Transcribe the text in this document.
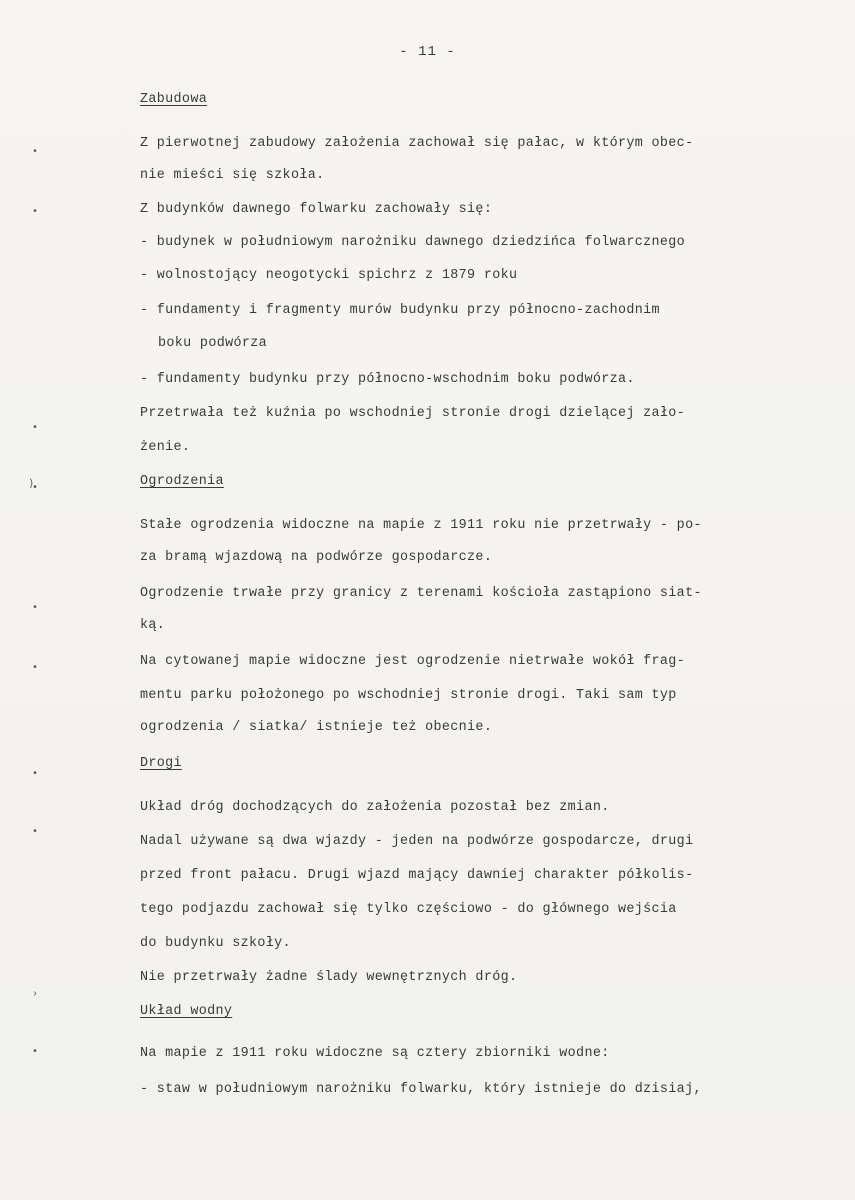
- 11 -
•
•
•
•
)
•
•
•
•
›
•
Zabudowa
Z pierwotnej zabudowy założenia zachował się pałac, w którym obec-
nie mieści się szkoła.
Z budynków dawnego folwarku zachowały się:
- budynek w południowym narożniku dawnego dziedzińca folwarcznego
- wolnostojący neogotycki spichrz z 1879 roku
- fundamenty i fragmenty murów budynku przy północno-zachodnim
boku podwórza
- fundamenty budynku przy północno-wschodnim boku podwórza.
Przetrwała też kuźnia po wschodniej stronie drogi dzielącej zało-
żenie.
Ogrodzenia
Stałe ogrodzenia widoczne na mapie z 1911 roku nie przetrwały - po-
za bramą wjazdową na podwórze gospodarcze.
Ogrodzenie trwałe przy granicy z terenami kościoła zastąpiono siat-
ką.
Na cytowanej mapie widoczne jest ogrodzenie nietrwałe wokół frag-
mentu parku położonego po wschodniej stronie drogi. Taki sam typ
ogrodzenia / siatka/ istnieje też obecnie.
Drogi
Układ dróg dochodzących do założenia pozostał bez zmian.
Nadal używane są dwa wjazdy - jeden na podwórze gospodarcze, drugi
przed front pałacu. Drugi wjazd mający dawniej charakter półkolis-
tego podjazdu zachował się tylko częściowo - do głównego wejścia
do budynku szkoły.
Nie przetrwały żadne ślady wewnętrznych dróg.
Układ wodny
Na mapie z 1911 roku widoczne są cztery zbiorniki wodne:
- staw w południowym narożniku folwarku, który istnieje do dzisiaj,
